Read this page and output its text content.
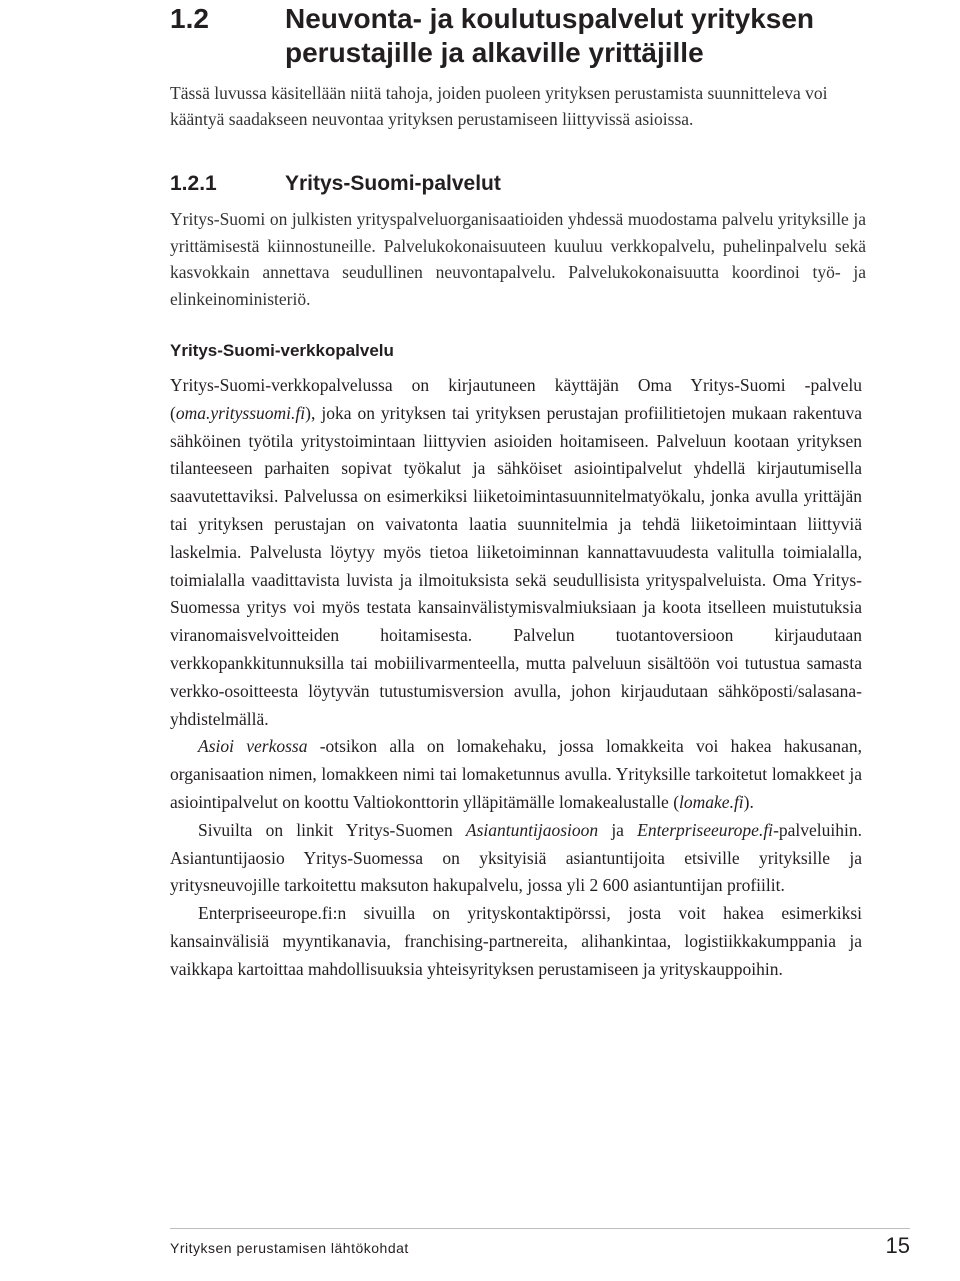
1.2	Neuvonta- ja koulutuspalvelut yrityksen perustajille ja alkaville yrittäjille
Tässä luvussa käsitellään niitä tahoja, joiden puoleen yrityksen perustamista suunnitteleva voi kääntyä saadakseen neuvontaa yrityksen perustamiseen liittyvissä asioissa.
1.2.1	Yritys-Suomi-palvelut
Yritys-Suomi on julkisten yrityspalveluorganisaatioiden yhdessä muodostama palvelu yrityksille ja yrittämisestä kiinnostuneille. Palvelukokonaisuuteen kuuluu verkkopalvelu, puhelinpalvelu sekä kasvokkain annettava seudullinen neuvontapalvelu. Palvelukokonaisuutta koordinoi työ- ja elinkeinoministeriö.
Yritys-Suomi-verkkopalvelu

Yritys-Suomi-verkkopalvelussa on kirjautuneen käyttäjän Oma Yritys-Suomi -palvelu (oma.yrityssuomi.fi), joka on yrityksen tai yrityksen perustajan profiilitietojen mukaan rakentuva sähköinen työtila yritystoimintaan liittyvien asioiden hoitamiseen. Palveluun kootaan yrityksen tilanteeseen parhaiten sopivat työkalut ja sähköiset asiointipalvelut yhdellä kirjautumisella saavutettaviksi. Palvelussa on esimerkiksi liiketoimintasuunnitelmatyökalu, jonka avulla yrittäjän tai yrityksen perustajan on vaivatonta laatia suunnitelmia ja tehdä liiketoimintaan liittyviä laskelmia. Palvelusta löytyy myös tietoa liiketoiminnan kannattavuudesta valitulla toimialalla, toimialalla vaadittavista luvista ja ilmoituksista sekä seudullisista yrityspalveluista. Oma Yritys-Suomessa yritys voi myös testata kansainvälistymisvalmiuksiaan ja koota itselleen muistutuksia viranomaisvelvoitteiden hoitamisesta. Palvelun tuotantoversioon kirjaudutaan verkkopankkitunnuksilla tai mobiilivarmenteella, mutta palveluun sisältöön voi tutustua samasta verkko-osoitteesta löytyvän tutustumisversion avulla, johon kirjaudutaan sähköposti/salasana-yhdistelmällä.

Asioi verkossa -otsikon alla on lomakehaku, jossa lomakkeita voi hakea hakusanan, organisaation nimen, lomakkeen nimi tai lomaketunnus avulla. Yrityksille tarkoitetut lomakkeet ja asiointipalvelut on koottu Valtiokonttorin ylläpitämälle lomakealustalle (lomake.fi).

Sivuilta on linkit Yritys-Suomen Asiantuntijaosioon ja Enterpriseeurope.fi-palveluihin. Asiantuntijaosio Yritys-Suomessa on yksityisiä asiantuntijoita etsiville yrityksille ja yritysneuvojille tarkoitettu maksuton hakupalvelu, jossa yli 2 600 asiantuntijan profiilit.

Enterpriseeurope.fi:n sivuilla on yrityskontaktipörssi, josta voit hakea esimerkiksi kansainvälisiä myyntikanavia, franchising-partnereita, alihankintaa, logistiikkakumppania ja vaikkapa kartoittaa mahdollisuuksia yhteisyrityksen perustamiseen ja yrityskauppoihin.

Yrityksen perustamisen lähtökohdat	15
